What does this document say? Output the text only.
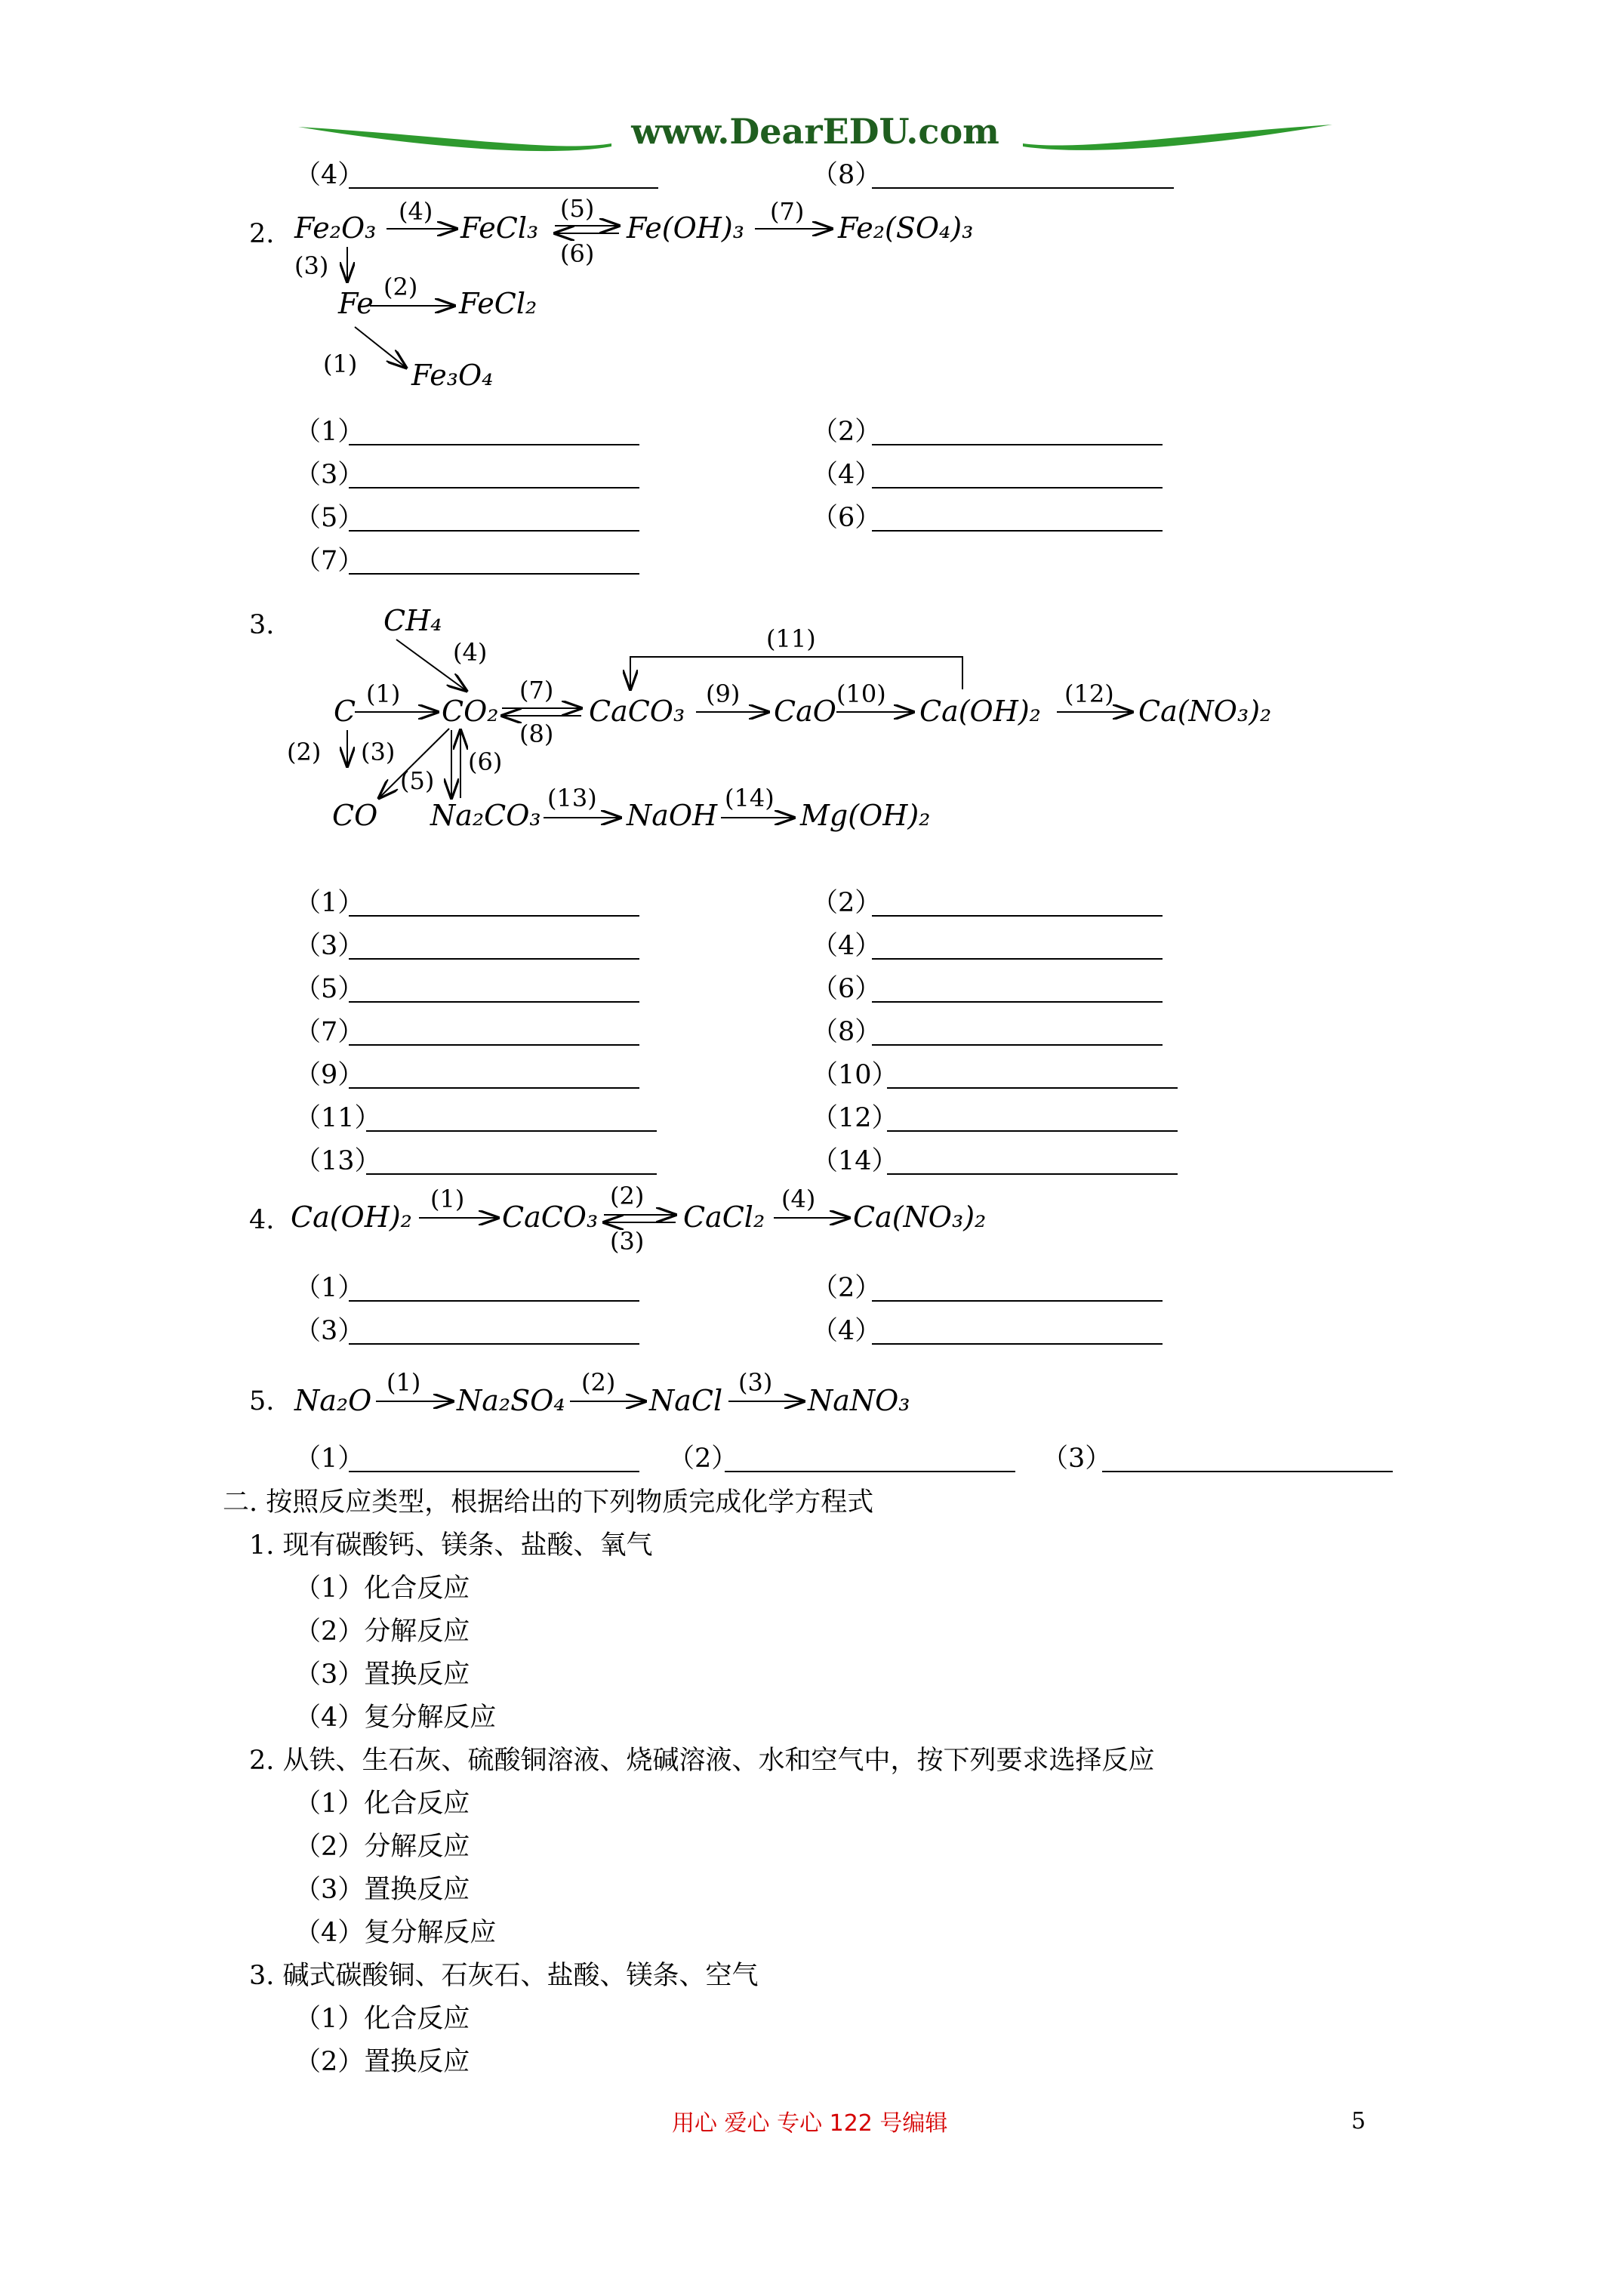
www.DearEDU.com
（4）	（8）
2. Fe₂O₃	FeCl₃	Fe(OH)₃	Fe₂(SO₄)₃
Fe	FeCl₂
Fe₃O₄
(4)	(5)
(6)
(7)
(3)
(2)
(1)
（1）	（2）
（3）	（4）
（5）	（6）
（7）
3.	CH₄
C	CO₂	CaCO₃	CaO	Ca(OH)₂	Ca(NO₃)₂
CO Na₂CO₃	NaOH	Mg(OH)₂
(4)
(1)	(7)
(8)
(9)	(10)
(11)
(12)
(2) (3)
(5)
(6)
(13)	(14)
（1）	（2）
（3）	（4）
（5）	（6）
（7）	（8）
（9）	（10）
（11）	（12）
（13）	（14）
4. Ca(OH)₂	CaCO₃	CaCl₂	Ca(NO₃)₂
(1)	(2)
(3)
(4)
（1）	（2）
（3）	（4）
5. Na₂O	Na₂SO₄	NaCl	NaNO₃
(1)	(2)	(3)
（1）	（2）	（3）
二. 按照反应类型，根据给出的下列物质完成化学方程式
1. 现有碳酸钙、镁条、盐酸、氧气
（1）化合反应
（2）分解反应
（3）置换反应
（4）复分解反应
2. 从铁、生石灰、硫酸铜溶液、烧碱溶液、水和空气中，按下列要求选择反应
（1）化合反应
（2）分解反应
（3）置换反应
（4）复分解反应
3. 碱式碳酸铜、石灰石、盐酸、镁条、空气
（1）化合反应
（2）置换反应
用心 爱心 专心 122 号编辑	5
